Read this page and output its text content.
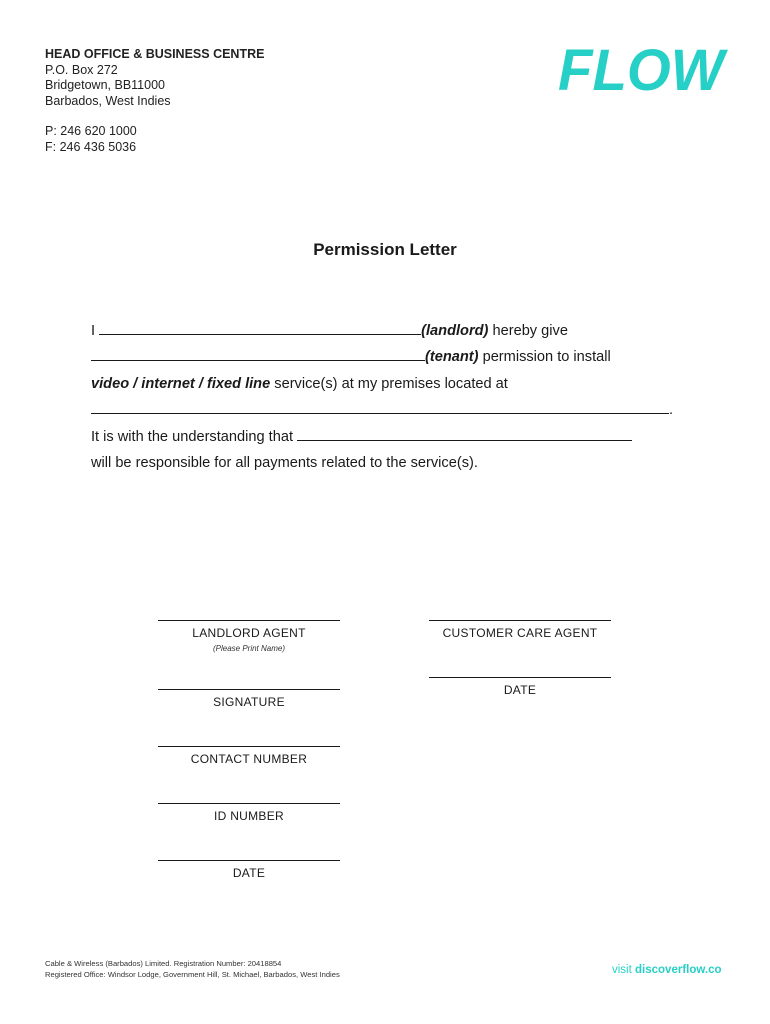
HEAD OFFICE & BUSINESS CENTRE
P.O. Box 272
Bridgetown, BB11000
Barbados, West Indies
P: 246 620 1000
F: 246 436 5036
FLOW
Permission Letter
I	(landlord) hereby give
(tenant) permission to install
video / internet / fixed line service(s) at my premises located at
.
It is with the understanding that
will be responsible for all payments related to the service(s).
LANDLORD AGENT
(Please Print Name)
SIGNATURE
CONTACT NUMBER
ID NUMBER
DATE
CUSTOMER CARE AGENT
DATE
Cable & Wireless (Barbados) Limited. Registration Number: 20418854
Registered Office: Windsor Lodge, Government Hill, St. Michael, Barbados, West Indies	visit discoverflow.co
